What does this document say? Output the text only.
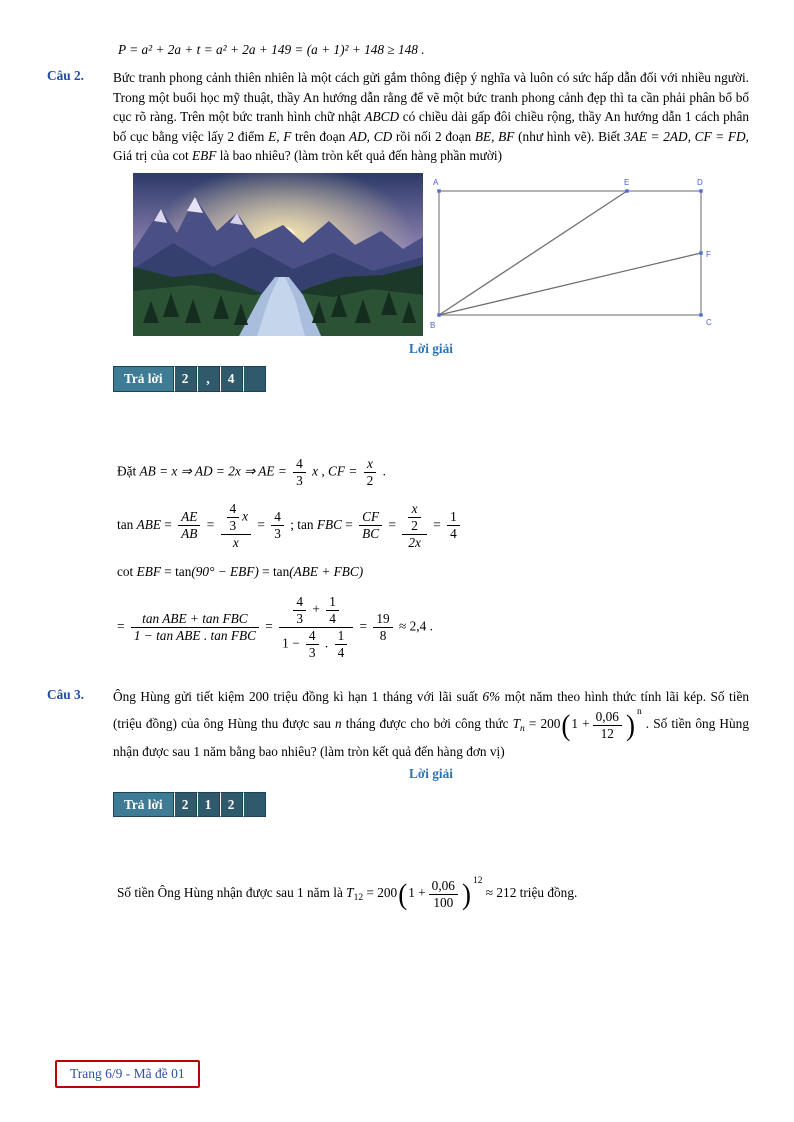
P = a² + 2a + t = a² + 2a + 149 = (a + 1)² + 148 ≥ 148 .
Câu 2.	Bức tranh phong cảnh thiên nhiên là một cách gửi gắm thông điệp ý nghĩa và luôn có sức hấp dẫn đối với nhiều người. Trong một buổi học mỹ thuật, thầy An hướng dẫn rằng để vẽ một bức tranh phong cảnh đẹp thì ta cần phải phân bổ bố cục rõ ràng. Trên một bức tranh hình chữ nhật ABCD có chiều dài gấp đôi chiều rộng, thầy An hướng dẫn 1 cách phân bố cục bằng việc lấy 2 điểm E, F trên đoạn AD, CD rồi nối 2 đoạn BE, BF (như hình vẽ). Biết 3AE = 2AD, CF = FD, Giá trị của cot EBF là bao nhiêu? (làm tròn kết quả đến hàng phần mười)
A	E	D
F
B	C
Lời giải
Trả lời	2	,	4
Đặt AB = x ⇒ AD = 2x ⇒ AE = $\frac{4}{3}$ x , CF = $\frac{x}{2}$ .
tan ABE = $\frac{AE}{AB} = \frac{\frac{4}{3} x}{x} = \frac{4}{3}$ ; tan FBC = $\frac{CF}{BC} = \frac{\frac{x}{2}}{2x} = \frac{1}{4}$
cot EBF = tan(90° − EBF) = tan(ABE + FBC)
= $\frac{\text{tan ABE + tan FBC}}{\text{1 − tan ABE . tan FBC}} = \frac{\frac{4}{3} + \frac{1}{4}}{1 - \frac{4}{3} . \frac{1}{4}} = \frac{19}{8} \approx 2,4$ .
Câu 3.	Ông Hùng gửi tiết kiệm 200 triệu đồng kì hạn 1 tháng với lãi suất 6% một năm theo hình thức tính lãi kép. Số tiền (triệu đồng) của ông Hùng thu được sau n tháng được cho bởi công thức $T_n = 200(1 + \frac{0,06}{12}$ ) $^n$ . Số tiền ông Hùng nhận được sau 1 năm bằng bao nhiêu? (làm tròn kết quả đến hàng đơn vị)
Lời giải
Trả lời	2	1	2
Số tiền Ông Hùng nhận được sau 1 năm là $T_{12} = 200(1 + \frac{0,06}{100}$ ) $^{12}$ ≈ 212 triệu đồng.
Trang 6/9 - Mã đề 01
